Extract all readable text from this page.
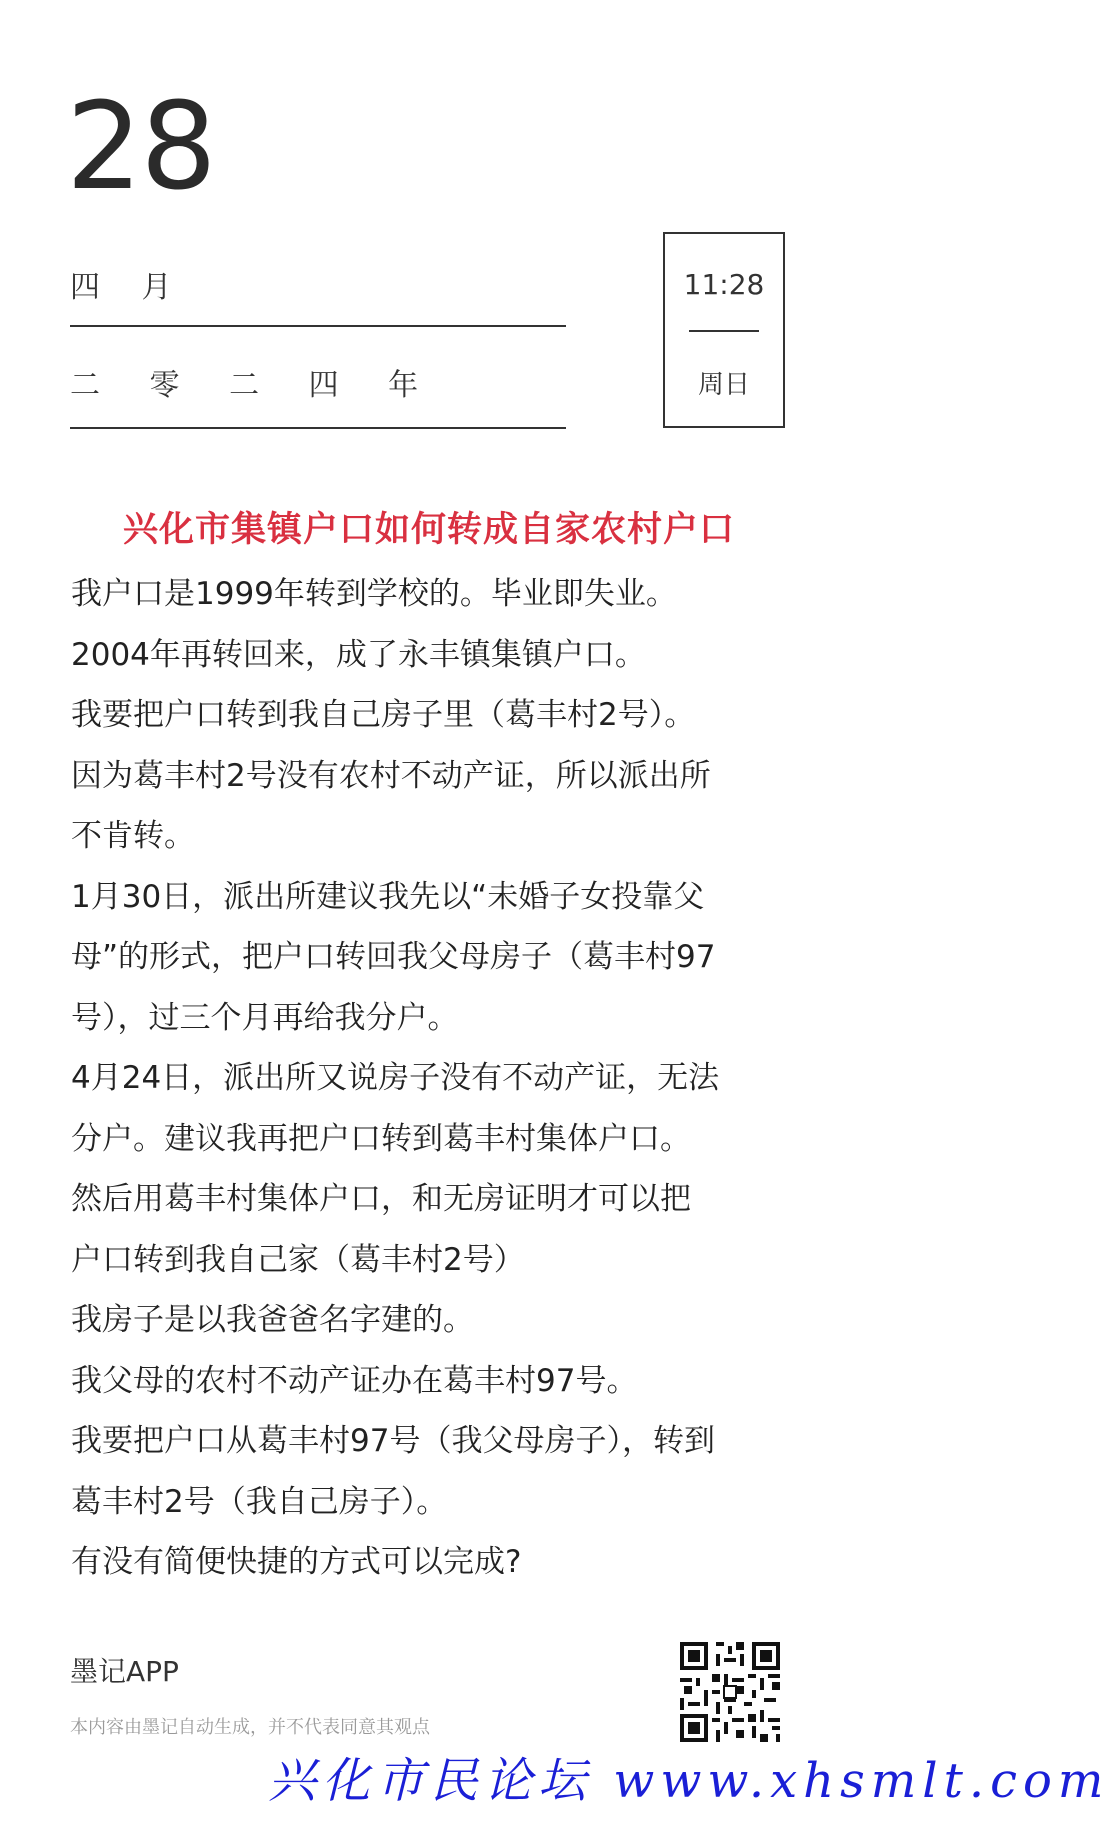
28
四 月
二 零 二 四 年
11:28
周日
兴化市集镇户口如何转成自家农村户口
我户口是1999年转到学校的。毕业即失业。
2004年再转回来，成了永丰镇集镇户口。
我要把户口转到我自己房子里（葛丰村2号）。
因为葛丰村2号没有农村不动产证，所以派出所
不肯转。
1月30日，派出所建议我先以“未婚子女投靠父
母”的形式，把户口转回我父母房子（葛丰村97
号），过三个月再给我分户。
4月24日，派出所又说房子没有不动产证，无法
分户。建议我再把户口转到葛丰村集体户口。
然后用葛丰村集体户口，和无房证明才可以把
户口转到我自己家（葛丰村2号）
我房子是以我爸爸名字建的。
我父母的农村不动产证办在葛丰村97号。
我要把户口从葛丰村97号（我父母房子），转到
葛丰村2号（我自己房子）。
有没有简便快捷的方式可以完成?
墨记APP
本内容由墨记自动生成，并不代表同意其观点
兴化市民论坛 www.xhsmlt.com
